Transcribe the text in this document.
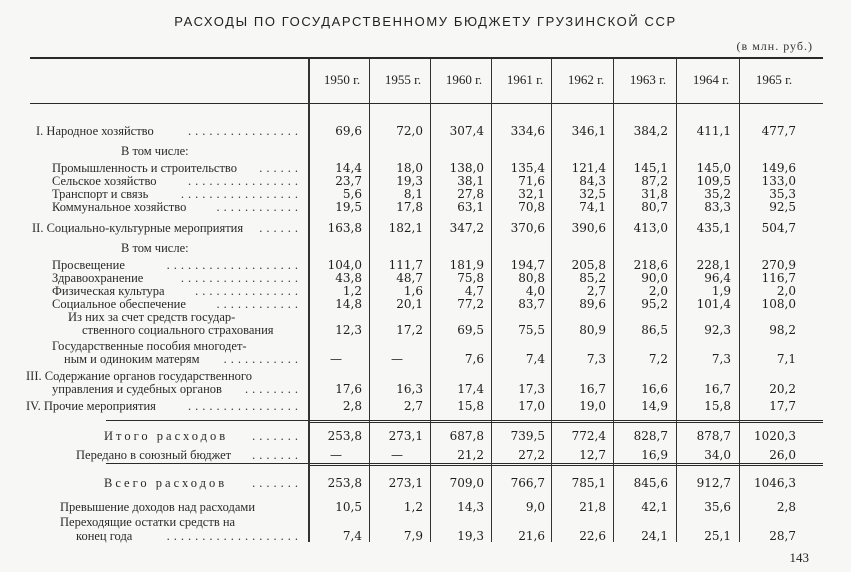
РАСХОДЫ ПО ГОСУДАРСТВЕННОМУ БЮДЖЕТУ ГРУЗИНСКОЙ ССР
(в млн. руб.)
1950 г.	1955 г.	1960 г.	1961 г.	1962 г.	1963 г.	1964 г.	1965 г.
I. Народное хозяйство	................	69,6	72,0 307,4 334,6 346,1 384,2 411,1	477,7
В том числе:
Промышленность и строительство ......	14,4	18,0 138,0 135,4 121,4 145,1 145,0	149,6
Сельское хозяйство	................	23,7	19,3	38,1	71,6	84,3	87,2 109,5	133,0
Транспорт и связь	.................	5,6	8,1	27,8	32,1	32,5	31,8	35,2	35,3
Коммунальное хозяйство ............	19,5	17,8	63,1	70,8	74,1	80,7	83,3	92,5
II. Социально-культурные мероприятия ...... 163,8 182,1 347,2 370,6 390,6 413,0 435,1	504,7
В том числе:
Просвещение	................... 104,0 111,7 181,9 194,7 205,8 218,6 228,1	270,9
Здравоохранение	.................	43,8	48,7	75,8	80,8	85,2	90,0	96,4	116,7
Физическая культура ...............	1,2	1,6	4,7	4,0	2,7	2,0	1,9	2,0
Социальное обеспечение ............	14,8	20,1	77,2	83,7	89,6	95,2 101,4	108,0
Из них за счет средств государ-
ственного социального страхования	12,3	17,2	69,5	75,5	80,9	86,5	92,3	98,2
Государственные пособия многодет-
ным и одиноким матерям ........... —	—	7,6	7,4	7,3	7,2	7,3	7,1
III. Содержание органов государственного
управления и судебных органов ........	17,6	16,3	17,4	17,3	16,7	16,6	16,7	20,2
IV. Прочие мероприятия	................	2,8	2,7	15,8	17,0	19,0	14,9	15,8	17,7
Итого расходов ....... 253,8 273,1 687,8 739,5 772,4 828,7 878,7 1020,3
Передано в союзный бюджет ....... —	—	21,2	27,2	12,7	16,9	34,0	26,0
Всего расходов ....... 253,8 273,1 709,0 766,7 785,1 845,6 912,7 1046,3
Превышение доходов над расходами	10,5	1,2	14,3	9,0	21,8	42,1	35,6	2,8
Переходящие остатки средств на
конец года	...................	7,4	7,9	19,3	21,6	22,6	24,1	25,1	28,7
143
